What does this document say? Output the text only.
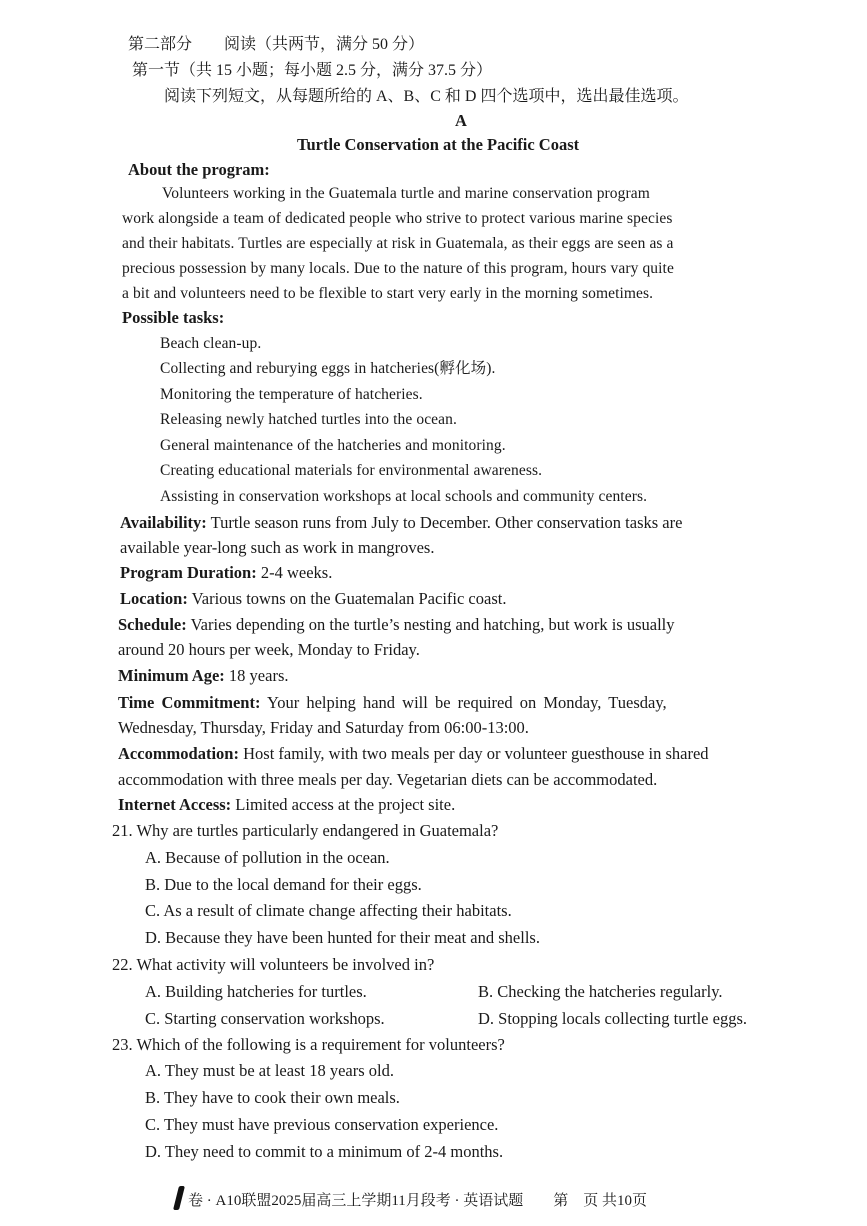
第二部分　　阅读（共两节，满分 50 分）
第一节（共 15 小题；每小题 2.5 分，满分 37.5 分）
阅读下列短文，从每题所给的 A、B、C 和 D 四个选项中，选出最佳选项。
A
Turtle Conservation at the Pacific Coast
About the program:
Volunteers working in the Guatemala turtle and marine conservation program
work alongside a team of dedicated people who strive to protect various marine species
and their habitats. Turtles are especially at risk in Guatemala, as their eggs are seen as a
precious possession by many locals. Due to the nature of this program, hours vary quite
a bit and volunteers need to be flexible to start very early in the morning sometimes.
Possible tasks:
Beach clean-up.
Collecting and reburying eggs in hatcheries(孵化场).
Monitoring the temperature of hatcheries.
Releasing newly hatched turtles into the ocean.
General maintenance of the hatcheries and monitoring.
Creating educational materials for environmental awareness.
Assisting in conservation workshops at local schools and community centers.
Availability: Turtle season runs from July to December. Other conservation tasks are
available year-long such as work in mangroves.
Program Duration: 2-4 weeks.
Location: Various towns on the Guatemalan Pacific coast.
Schedule: Varies depending on the turtle’s nesting and hatching, but work is usually
around 20 hours per week, Monday to Friday.
Minimum Age: 18 years.
Time Commitment: Your helping hand will be required on Monday, Tuesday,
Wednesday, Thursday, Friday and Saturday from 06:00-13:00.
Accommodation: Host family, with two meals per day or volunteer guesthouse in shared
accommodation with three meals per day. Vegetarian diets can be accommodated.
Internet Access: Limited access at the project site.
21. Why are turtles particularly endangered in Guatemala?
A. Because of pollution in the ocean.
B. Due to the local demand for their eggs.
C. As a result of climate change affecting their habitats.
D. Because they have been hunted for their meat and shells.
22. What activity will volunteers be involved in?
A. Building hatcheries for turtles.	B. Checking the hatcheries regularly.
C. Starting conservation workshops.	D. Stopping locals collecting turtle eggs.
23. Which of the following is a requirement for volunteers?
A. They must be at least 18 years old.
B. They have to cook their own meals.
C. They must have previous conservation experience.
D. They need to commit to a minimum of 2-4 months.
卷 · A10联盟2025届高三上学期11月段考 · 英语试题　　第　页 共10页
